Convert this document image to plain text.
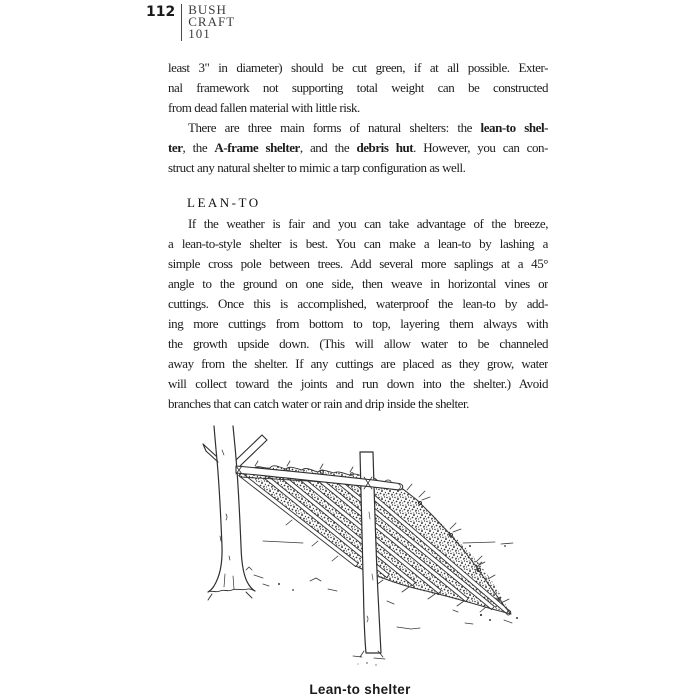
112 BUSH
CRAFT
101
least 3" in diameter) should be cut green, if at all possible. Exter-
nal framework not supporting total weight can be constructed
from dead fallen material with little risk.
There are three main forms of natural shelters: the lean-to shel-
ter, the A-frame shelter, and the debris hut. However, you can con-
struct any natural shelter to mimic a tarp configuration as well.
LEAN-TO
If the weather is fair and you can take advantage of the breeze,
a lean-to-style shelter is best. You can make a lean-to by lashing a
simple cross pole between trees. Add several more saplings at a 45°
angle to the ground on one side, then weave in horizontal vines or
cuttings. Once this is accomplished, waterproof the lean-to by add-
ing more cuttings from bottom to top, layering them always with
the growth upside down. (This will allow water to be channeled
away from the shelter. If any cuttings are placed as they grow, water
will collect toward the joints and run down into the shelter.) Avoid
branches that can catch water or rain and drip inside the shelter.
Lean-to shelter
